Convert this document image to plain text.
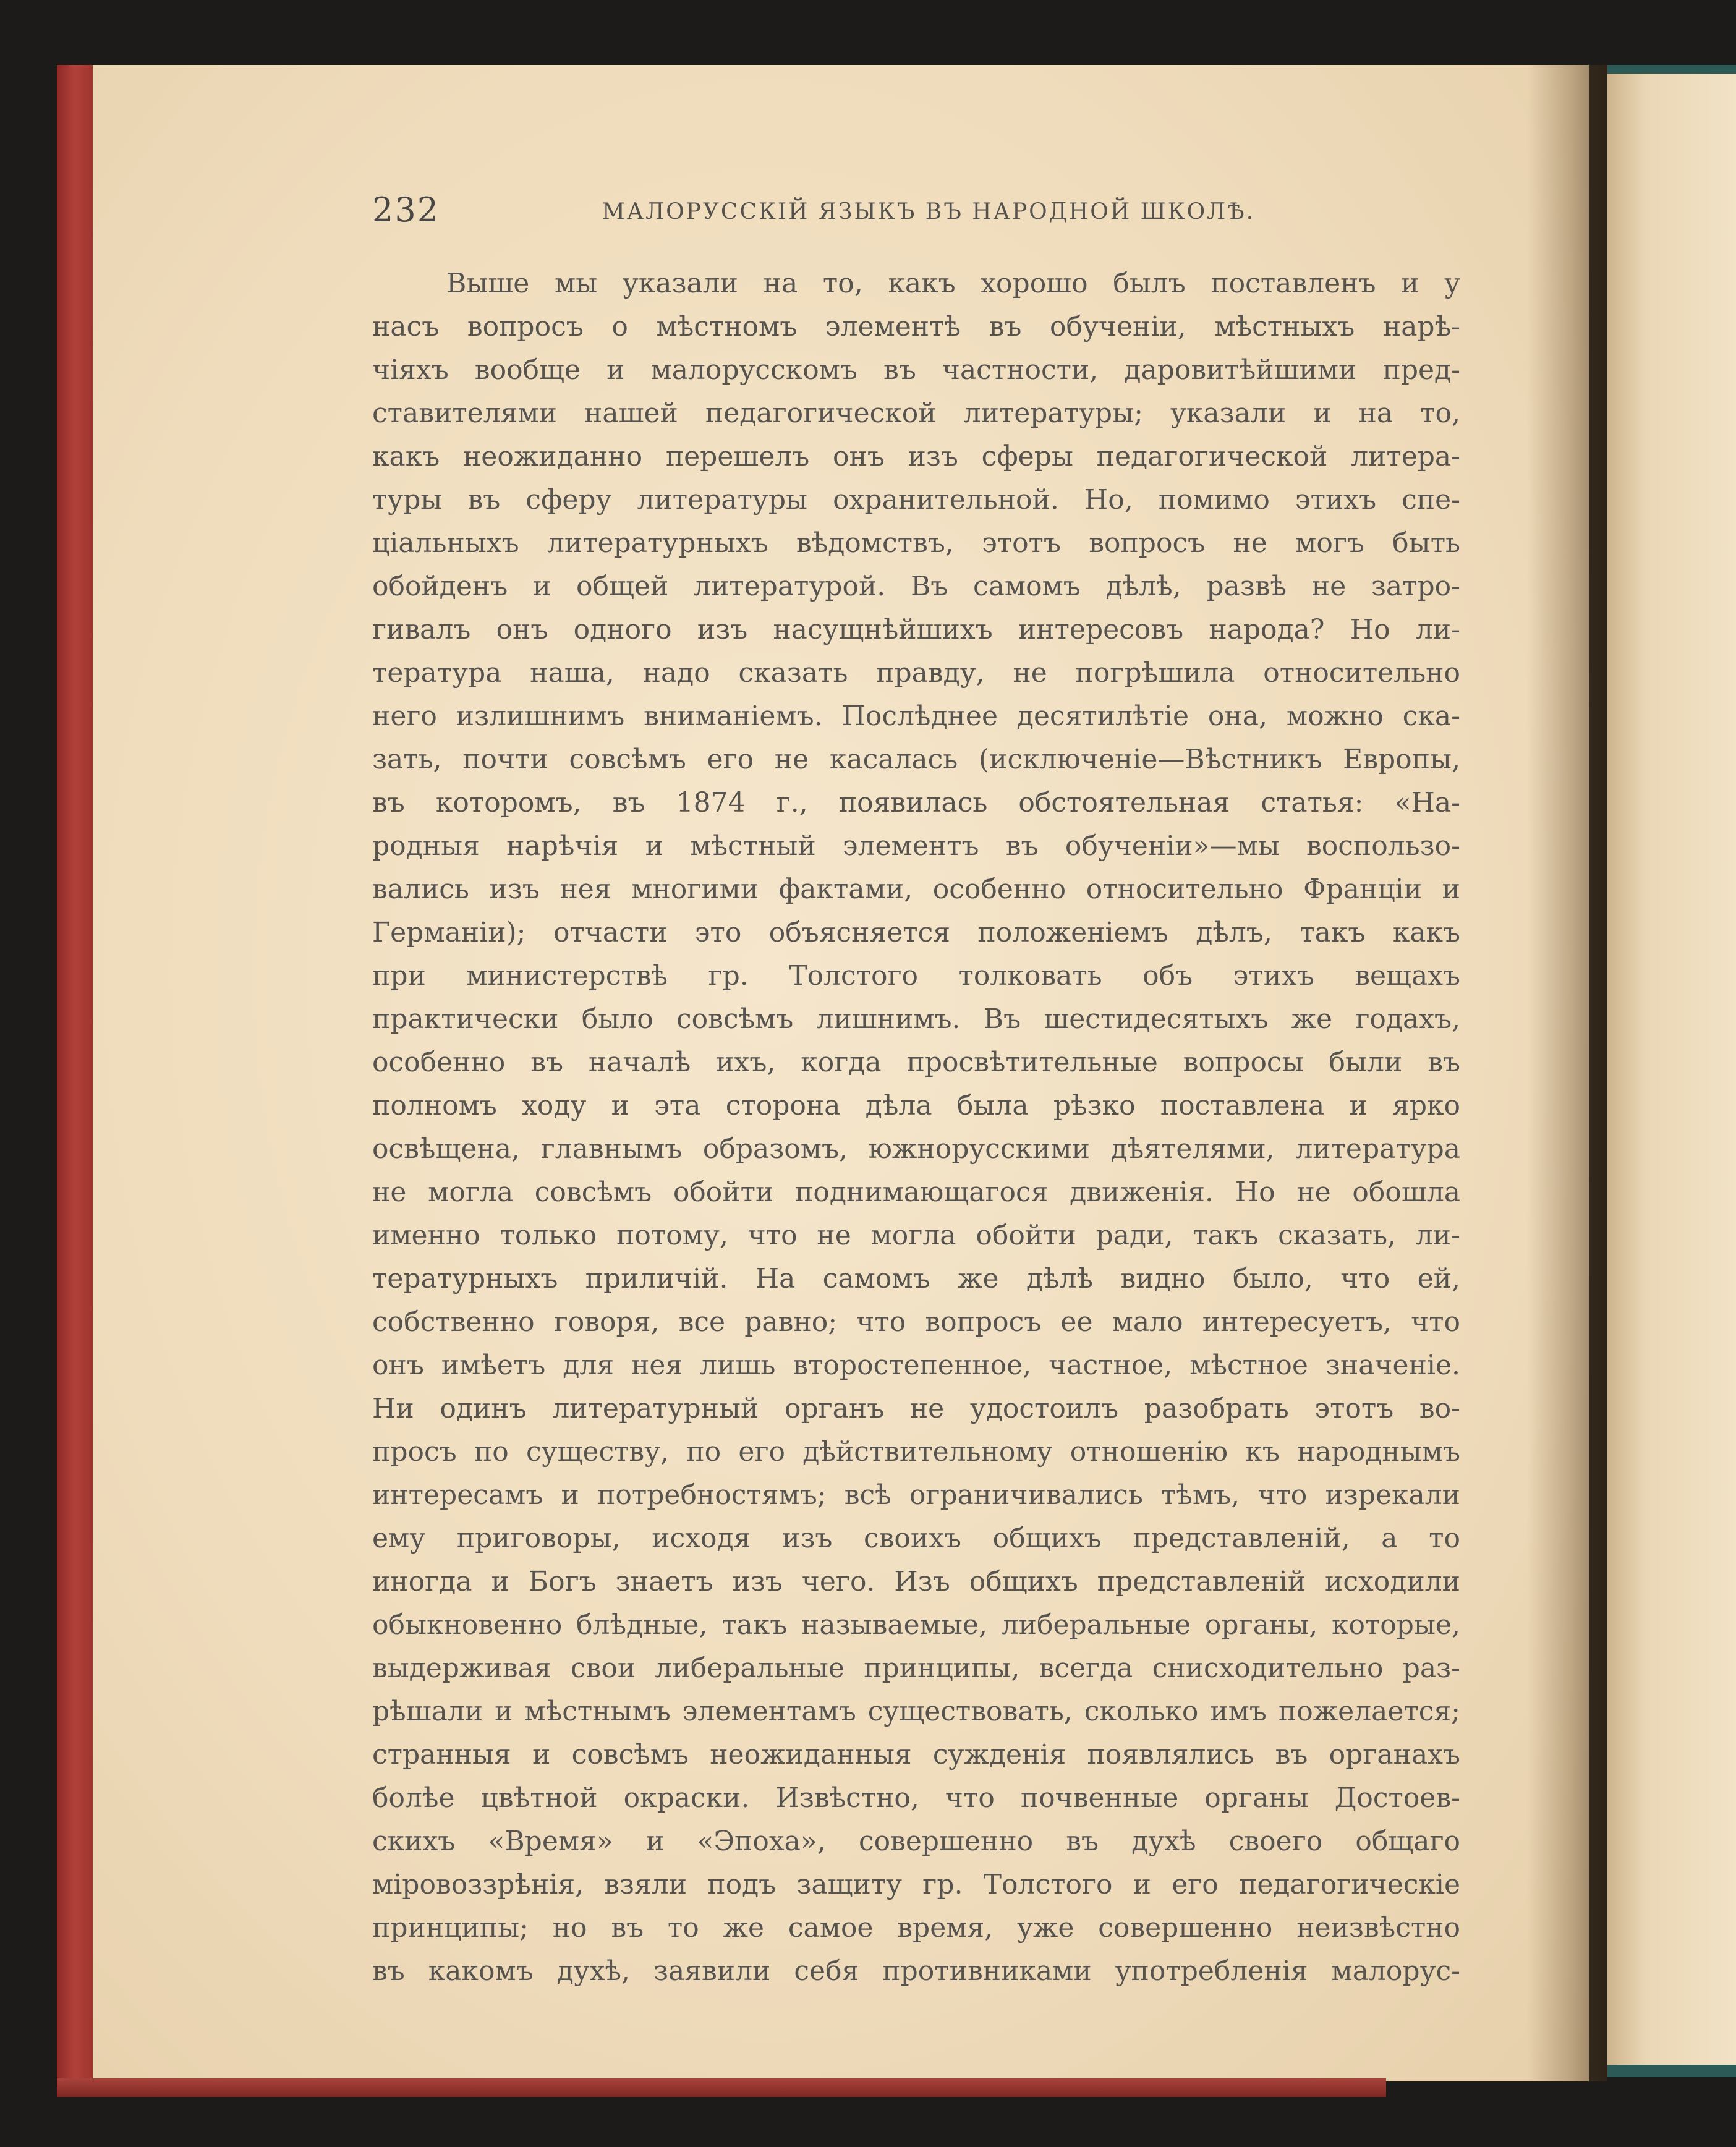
232	МАЛОРУССКІЙ ЯЗЫКЪ ВЪ НАРОДНОЙ ШКОЛѢ.
Выше мы указали на то, какъ хорошо былъ поставленъ и у
насъ вопросъ о мѣстномъ элементѣ въ обученіи, мѣстныхъ нарѣ-
чіяхъ вообще и малорусскомъ въ частности, даровитѣйшими пред-
ставителями нашей педагогической литературы; указали и на то,
какъ неожиданно перешелъ онъ изъ сферы педагогической литера-
туры въ сферу литературы охранительной. Но, помимо этихъ спе-
ціальныхъ литературныхъ вѣдомствъ, этотъ вопросъ не могъ быть
обойденъ и общей литературой. Въ самомъ дѣлѣ, развѣ не затро-
гивалъ онъ одного изъ насущнѣйшихъ интересовъ народа? Но ли-
тература наша, надо сказать правду, не погрѣшила относительно
него излишнимъ вниманіемъ. Послѣднее десятилѣтіе она, можно ска-
зать, почти совсѣмъ его не касалась (исключеніе—Вѣстникъ Европы,
въ которомъ, въ 1874 г., появилась обстоятельная статья: «На-
родныя нарѣчія и мѣстный элементъ въ обученіи»—мы воспользо-
вались изъ нея многими фактами, особенно относительно Франціи и
Германіи); отчасти это объясняется положеніемъ дѣлъ, такъ какъ
при министерствѣ гр. Толстого толковать объ этихъ вещахъ
практически было совсѣмъ лишнимъ. Въ шестидесятыхъ же годахъ,
особенно въ началѣ ихъ, когда просвѣтительные вопросы были въ
полномъ ходу и эта сторона дѣла была рѣзко поставлена и ярко
освѣщена, главнымъ образомъ, южнорусскими дѣятелями, литература
не могла совсѣмъ обойти поднимающагося движенія. Но не обошла
именно только потому, что не могла обойти ради, такъ сказать, ли-
тературныхъ приличій. На самомъ же дѣлѣ видно было, что ей,
собственно говоря, все равно; что вопросъ ее мало интересуетъ, что
онъ имѣетъ для нея лишь второстепенное, частное, мѣстное значеніе.
Ни одинъ литературный органъ не удостоилъ разобрать этотъ во-
просъ по существу, по его дѣйствительному отношенію къ народнымъ
интересамъ и потребностямъ; всѣ ограничивались тѣмъ, что изрекали
ему приговоры, исходя изъ своихъ общихъ представленій, а то
иногда и Богъ знаетъ изъ чего. Изъ общихъ представленій исходили
обыкновенно блѣдные, такъ называемые, либеральные органы, которые,
выдерживая свои либеральные принципы, всегда снисходительно раз-
рѣшали и мѣстнымъ элементамъ существовать, сколько имъ пожелается;
странныя и совсѣмъ неожиданныя сужденія появлялись въ органахъ
болѣе цвѣтной окраски. Извѣстно, что почвенные органы Достоев-
скихъ «Время» и «Эпоха», совершенно въ духѣ своего общаго
міровоззрѣнія, взяли подъ защиту гр. Толстого и его педагогическіе
принципы; но въ то же самое время, уже совершенно неизвѣстно
въ какомъ духѣ, заявили себя противниками употребленія малорус-
